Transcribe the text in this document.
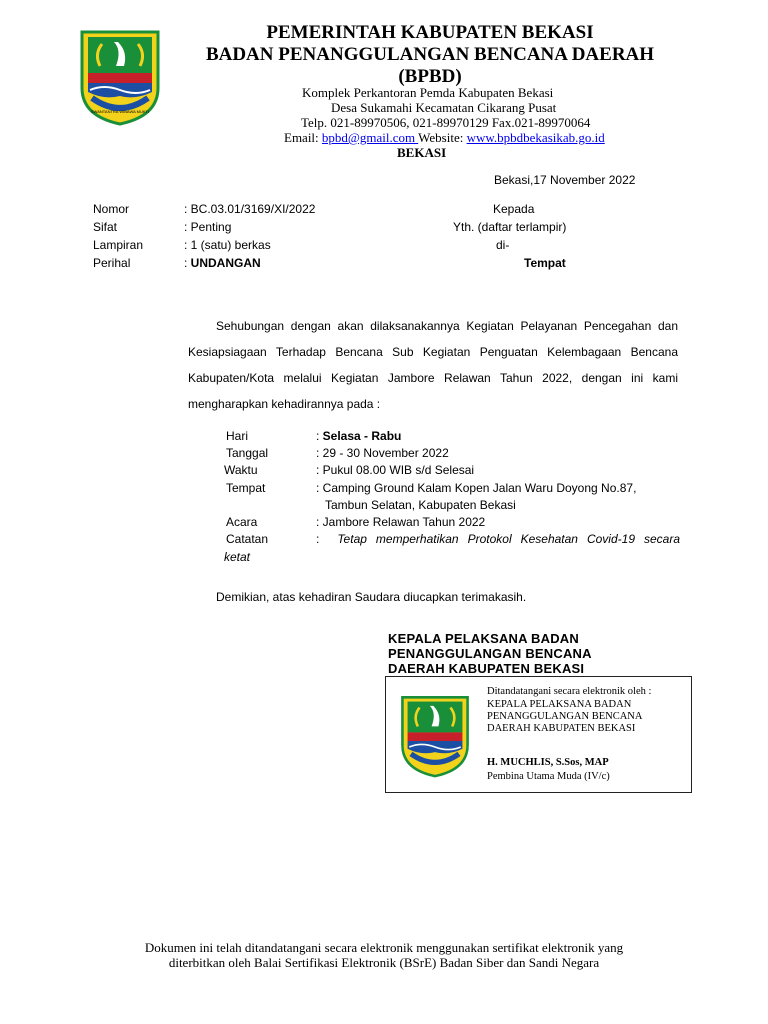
SWANTANTRA WIBAWA MUKTI
PEMERINTAH KABUPATEN BEKASI
BADAN PENANGGULANGAN BENCANA DAERAH
(BPBD)
Komplek Perkantoran Pemda Kabupaten Bekasi
Desa Sukamahi Kecamatan Cikarang Pusat
Telp. 021-89970506, 021-89970129 Fax.021-89970064
Email: bpbd@gmail.com Website: www.bpbdbekasikab.go.id
BEKASI
Bekasi,17 November 2022
Nomor	: BC.03.01/3169/XI/2022
Sifat	: Penting
Lampiran	: 1 (satu) berkas
Perihal	: UNDANGAN
Kepada
Yth. (daftar terlampir)
di-
Tempat

Sehubungan dengan akan dilaksanakannya Kegiatan Pelayanan Pencegahan dan Kesiapsiagaan Terhadap Bencana Sub Kegiatan Penguatan Kelembagaan Bencana Kabupaten/Kota melalui Kegiatan Jambore Relawan Tahun 2022, dengan ini kami mengharapkan kehadirannya pada :

Hari	: Selasa - Rabu
Tanggal	: 29 - 30 November 2022
Waktu	: Pukul 08.00 WIB s/d Selesai
Tempat	: Camping Ground Kalam Kopen Jalan Waru Doyong No.87,
Tambun Selatan, Kabupaten Bekasi
Acara	: Jambore Relawan Tahun 2022
Catatan	: Tetap memperhatikan Protokol Kesehatan Covid-19 secara
ketat
Demikian, atas kehadiran Saudara diucapkan terimakasih.
KEPALA PELAKSANA BADAN
PENANGGULANGAN BENCANA
DAERAH KABUPATEN BEKASI
Ditandatangani secara elektronik oleh :
KEPALA PELAKSANA BADAN
PENANGGULANGAN BENCANA
DAERAH KABUPATEN BEKASI
H. MUCHLIS, S.Sos, MAP
Pembina Utama Muda (IV/c)
Dokumen ini telah ditandatangani secara elektronik menggunakan sertifikat elektronik yang
diterbitkan oleh Balai Sertifikasi Elektronik (BSrE) Badan Siber dan Sandi Negara
